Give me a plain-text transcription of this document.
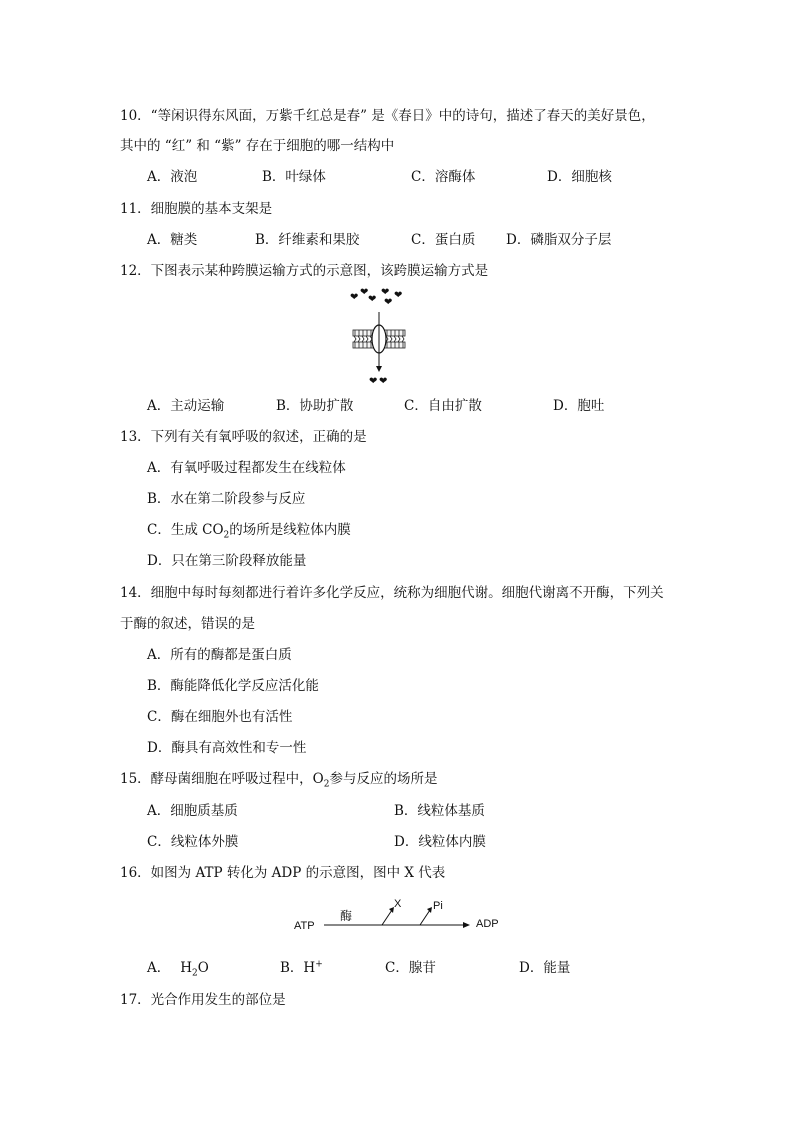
10．“等闲识得东风面，万紫千红总是春” 是《春日》中的诗句，描述了春天的美好景色，
其中的 “红” 和 “紫” 存在于细胞的哪一结构中
A．液泡	B．叶绿体	C．溶酶体	D．细胞核
11．细胞膜的基本支架是
A．糖类	B．纤维素和果胶	C．蛋白质 D．磷脂双分子层
12．下图表示某种跨膜运输方式的示意图，该跨膜运输方式是
❤ ❤
❤
❤ ❤
❤
❤ ❤
A．主动运输	B．协助扩散	C．自由扩散	D．胞吐
13．下列有关有氧呼吸的叙述，正确的是
A．有氧呼吸过程都发生在线粒体
B．水在第二阶段参与反应
C．生成 $CO_2$的场所是线粒体内膜
D．只在第三阶段释放能量
14．细胞中每时每刻都进行着许多化学反应，统称为细胞代谢。细胞代谢离不开酶，下列关
于酶的叙述，错误的是
A．所有的酶都是蛋白质
B．酶能降低化学反应活化能
C．酶在细胞外也有活性
D．酶具有高效性和专一性
15．酵母菌细胞在呼吸过程中，$O_2$参与反应的场所是
A．细胞质基质	B．线粒体基质
C．线粒体外膜	D．线粒体内膜
16．如图为 ATP 转化为 ADP 的示意图，图中 X 代表
ATP	ADP
酶
X	Pi
A． $H_2O$	B．H+	C．腺苷	D．能量
17．光合作用发生的部位是
